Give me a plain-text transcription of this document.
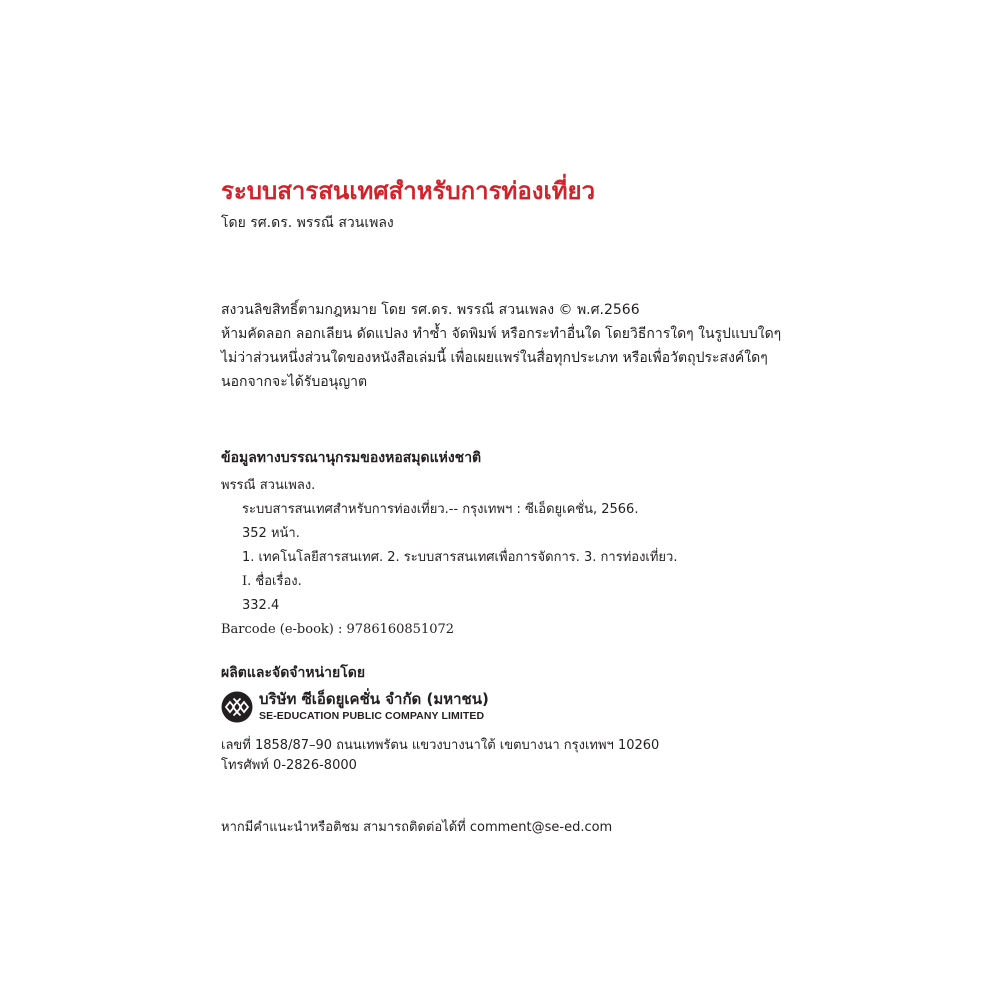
ระบบสารสนเทศสำหรับการท่องเที่ยว
โดย รศ.ดร. พรรณี สวนเพลง
สงวนลิขสิทธิ์ตามกฎหมาย โดย รศ.ดร. พรรณี สวนเพลง © พ.ศ.2566
ห้ามคัดลอก ลอกเลียน ดัดแปลง ทำซ้ำ จัดพิมพ์ หรือกระทำอื่นใด โดยวิธีการใดๆ ในรูปแบบใดๆ
ไม่ว่าส่วนหนึ่งส่วนใดของหนังสือเล่มนี้ เพื่อเผยแพร่ในสื่อทุกประเภท หรือเพื่อวัตถุประสงค์ใดๆ
นอกจากจะได้รับอนุญาต
ข้อมูลทางบรรณานุกรมของหอสมุดแห่งชาติ
พรรณี สวนเพลง.
ระบบสารสนเทศสำหรับการท่องเที่ยว.-- กรุงเทพฯ : ซีเอ็ดยูเคชั่น, 2566.
352 หน้า.
1. เทคโนโลยีสารสนเทศ. 2. ระบบสารสนเทศเพื่อการจัดการ. 3. การท่องเที่ยว.
I. ชื่อเรื่อง.
332.4
Barcode (e-book) : 9786160851072
ผลิตและจัดจำหน่ายโดย
บริษัท ซีเอ็ดยูเคชั่น จำกัด (มหาชน)
SE-EDUCATION PUBLIC COMPANY LIMITED
เลขที่ 1858/87–90 ถนนเทพรัตน แขวงบางนาใต้ เขตบางนา กรุงเทพฯ 10260
โทรศัพท์ 0-2826-8000
หากมีคำแนะนำหรือติชม สามารถติดต่อได้ที่ comment@se-ed.com
